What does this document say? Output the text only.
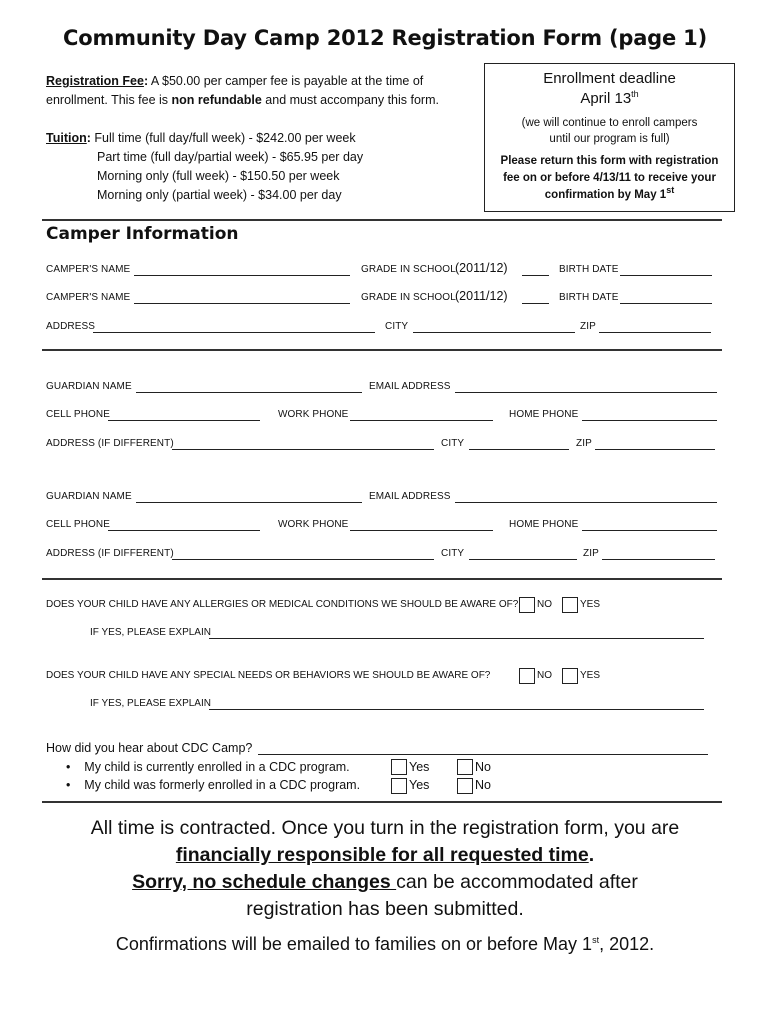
Community Day Camp 2012 Registration Form (page 1)
Registration Fee: A $50.00 per camper fee is payable at the time of
enrollment. This fee is non refundable and must accompany this form.
Tuition: Full time (full day/full week) - $242.00 per week
Part time (full day/partial week) - $65.95 per day
Morning only (full week) - $150.50 per week
Morning only (partial week) - $34.00 per day
Enrollment deadline
April 13th
(we will continue to enroll campers
until our program is full)
Please return this form with registration
fee on or before 4/13/11 to receive your
confirmation by May 1st
Camper Information
CAMPER'S NAME	GRADE IN SCHOOL (2011/12)	BIRTH DATE
CAMPER'S NAME	GRADE IN SCHOOL (2011/12)	BIRTH DATE
ADDRESS	CITY	ZIP
GUARDIAN NAME	EMAIL ADDRESS
CELL PHONE	WORK PHONE	HOME PHONE
ADDRESS (IF DIFFERENT)	CITY	ZIP
GUARDIAN NAME	EMAIL ADDRESS
CELL PHONE	WORK PHONE	HOME PHONE
ADDRESS (IF DIFFERENT)	CITY	ZIP
DOES YOUR CHILD HAVE ANY ALLERGIES OR MEDICAL CONDITIONS WE SHOULD BE AWARE OF? NO	YES
IF YES, PLEASE EXPLAIN
DOES YOUR CHILD HAVE ANY SPECIAL NEEDS OR BEHAVIORS WE SHOULD BE AWARE OF?	NO	YES
IF YES, PLEASE EXPLAIN
How did you hear about CDC Camp?
•    My child is currently enrolled in a CDC program.	Yes	No
•    My child was formerly enrolled in a CDC program.	Yes	No
All time is contracted. Once you turn in the registration form, you are
financially responsible for all requested time.
Sorry, no schedule changes can be accommodated after
registration has been submitted.
Confirmations will be emailed to families on or before May 1st, 2012.
